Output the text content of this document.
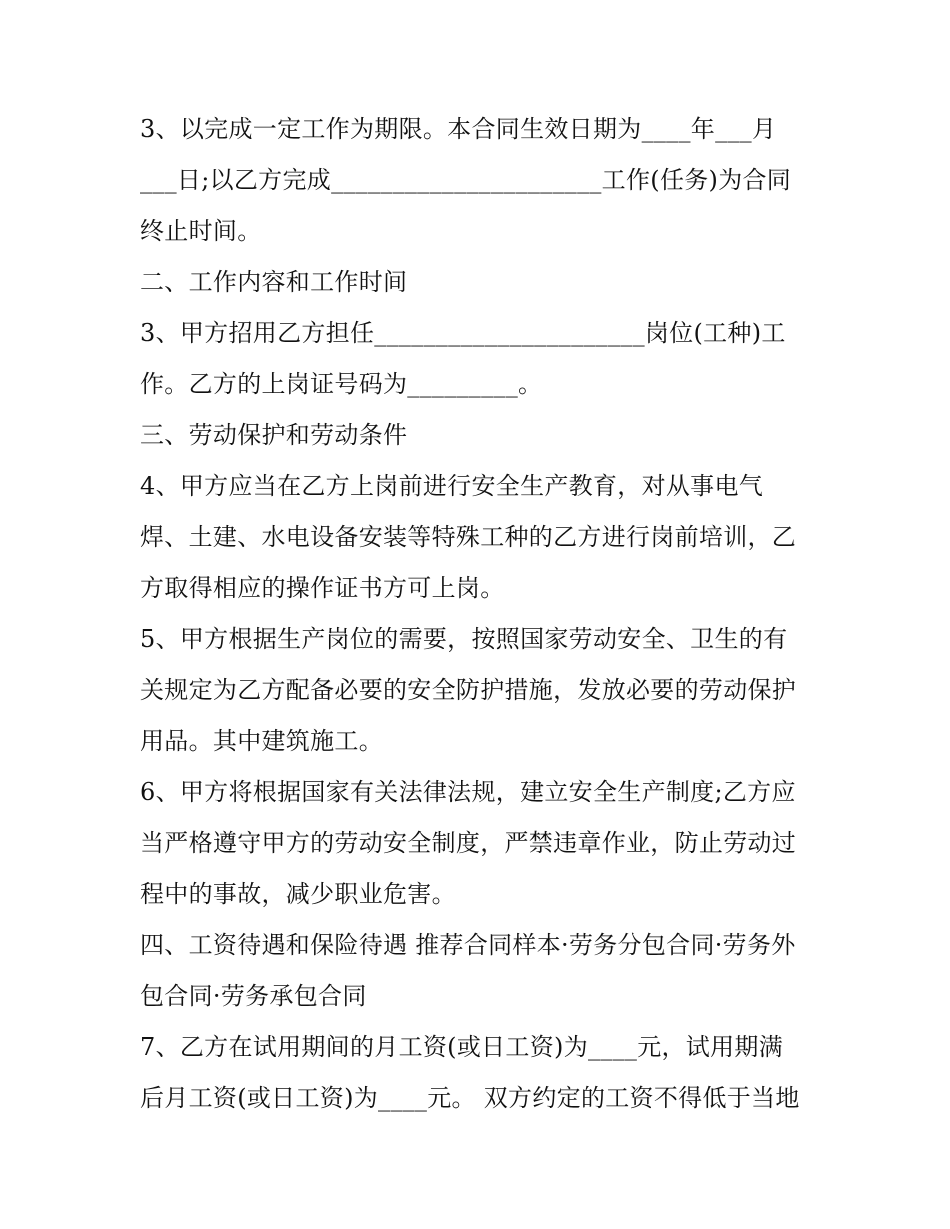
3、以完成一定工作为期限。本合同生效日期为____年___月
___日;以乙方完成______________________工作(任务)为合同
终止时间。
二、工作内容和工作时间
3、甲方招用乙方担任______________________岗位(工种)工
作。乙方的上岗证号码为_________。
三、劳动保护和劳动条件
4、甲方应当在乙方上岗前进行安全生产教育，对从事电气
焊、土建、水电设备安装等特殊工种的乙方进行岗前培训，乙
方取得相应的操作证书方可上岗。
5、甲方根据生产岗位的需要，按照国家劳动安全、卫生的有
关规定为乙方配备必要的安全防护措施，发放必要的劳动保护
用品。其中建筑施工。
6、甲方将根据国家有关法律法规，建立安全生产制度;乙方应
当严格遵守甲方的劳动安全制度，严禁违章作业，防止劳动过
程中的事故，减少职业危害。
四、工资待遇和保险待遇 推荐合同样本·劳务分包合同·劳务外
包合同·劳务承包合同
7、乙方在试用期间的月工资(或日工资)为____元，试用期满
后月工资(或日工资)为____元。 双方约定的工资不得低于当地
